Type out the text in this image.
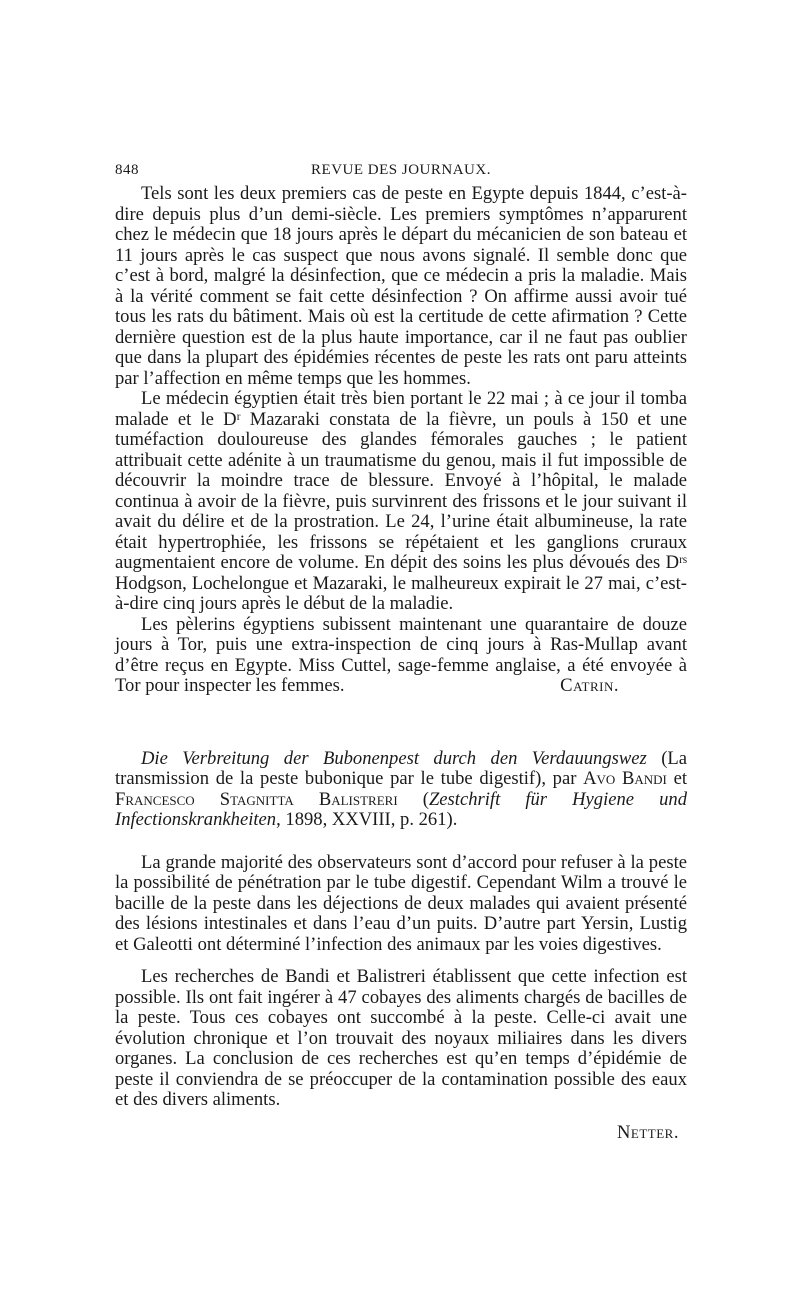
848	REVUE DES JOURNAUX.

Tels sont les deux premiers cas de peste en Egypte depuis 1844, c’est-à-dire depuis plus d’un demi-siècle. Les premiers symptômes n’apparurent chez le médecin que 18 jours après le départ du mécanicien de son bateau et 11 jours après le cas suspect que nous avons signalé. Il semble donc que c’est à bord, malgré la désinfection, que ce médecin a pris la maladie. Mais à la vérité comment se fait cette désinfection ? On affirme aussi avoir tué tous les rats du bâtiment. Mais où est la certitude de cette afirmation ? Cette dernière question est de la plus haute importance, car il ne faut pas oublier que dans la plupart des épidémies récentes de peste les rats ont paru atteints par l’affection en même temps que les hommes.

Le médecin égyptien était très bien portant le 22 mai ; à ce jour il tomba malade et le Dʳ Mazaraki constata de la fièvre, un pouls à 150 et une tuméfaction douloureuse des glandes fémorales gauches ; le patient attribuait cette adénite à un traumatisme du genou, mais il fut impossible de découvrir la moindre trace de blessure. Envoyé à l’hôpital, le malade continua à avoir de la fièvre, puis survinrent des frissons et le jour suivant il avait du délire et de la prostration. Le 24, l’urine était albumineuse, la rate était hypertrophiée, les frissons se répétaient et les ganglions cruraux augmentaient encore de volume. En dépit des soins les plus dévoués des Dʳˢ Hodgson, Lochelongue et Mazaraki, le malheureux expirait le 27 mai, c’est-à-dire cinq jours après le début de la maladie.

Les pèlerins égyptiens subissent maintenant une quarantaire de douze jours à Tor, puis une extra-inspection de cinq jours à Ras-Mullap avant d’être reçus en Egypte. Miss Cuttel, sage-femme anglaise, a été envoyée à Tor pour inspecter les femmes.	Catrin.

Die Verbreitung der Bubonenpest durch den Verdauungswez (La transmission de la peste bubonique par le tube digestif), par Avo Bandi et Francesco Stagnitta Balistreri (Zestchrift für Hygiene und Infectionskrankheiten, 1898, XXVIII, p. 261).

La grande majorité des observateurs sont d’accord pour refuser à la peste la possibilité de pénétration par le tube digestif. Cependant Wilm a trouvé le bacille de la peste dans les déjections de deux malades qui avaient présenté des lésions intestinales et dans l’eau d’un puits. D’autre part Yersin, Lustig et Galeotti ont déterminé l’infection des animaux par les voies digestives.

Les recherches de Bandi et Balistreri établissent que cette infection est possible. Ils ont fait ingérer à 47 cobayes des aliments chargés de bacilles de la peste. Tous ces cobayes ont succombé à la peste. Celle-ci avait une évolution chronique et l’on trouvait des noyaux miliaires dans les divers organes. La conclusion de ces recherches est qu’en temps d’épidémie de peste il conviendra de se préoccuper de la contamination possible des eaux et des divers aliments.

Netter.
